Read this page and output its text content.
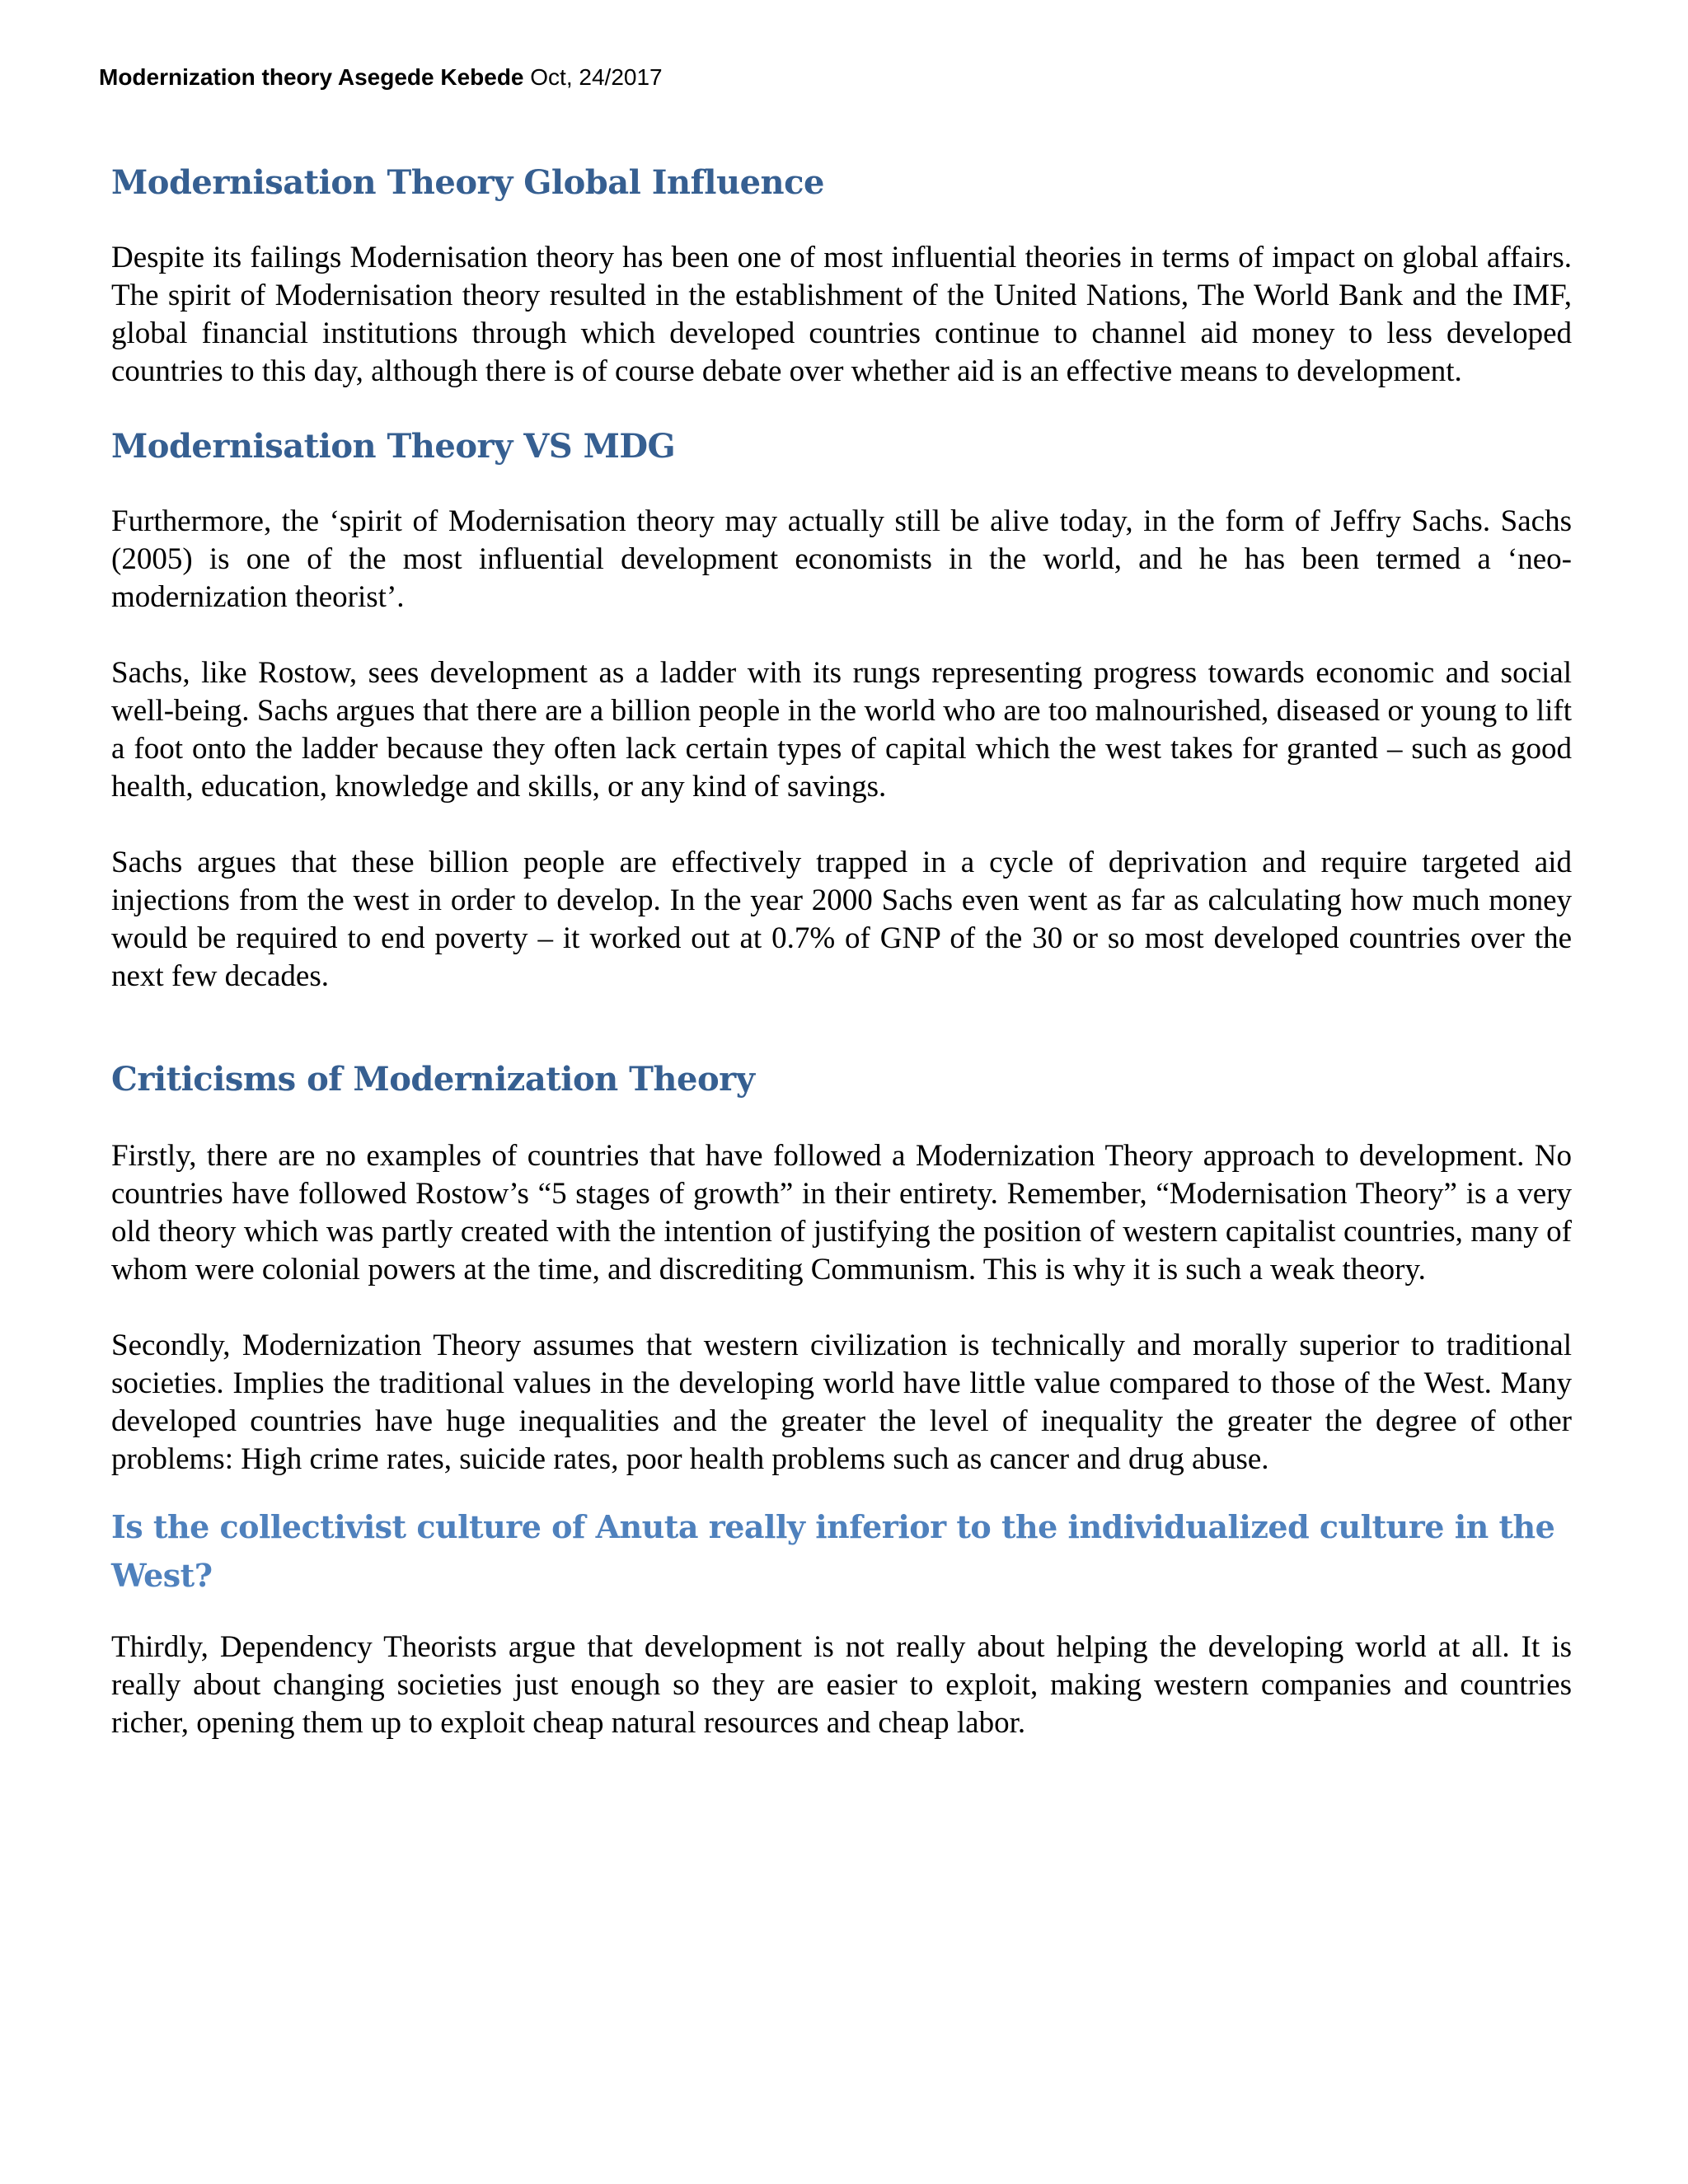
Modernization theory Asegede Kebede Oct, 24/2017
Modernisation Theory Global Influence

Despite its failings Modernisation theory has been one of most influential theories in terms of impact on global affairs. The spirit of Modernisation theory resulted in the establishment of the United Nations, The World Bank and the IMF, global financial institutions through which developed countries continue to channel aid money to less developed countries to this day, although there is of course debate over whether aid is an effective means to development.

Modernisation Theory VS MDG

Furthermore, the ‘spirit of Modernisation theory may actually still be alive today, in the form of Jeffry Sachs. Sachs (2005) is one of the most influential development economists in the world, and he has been termed a ‘neo-modernization theorist’.

Sachs, like Rostow, sees development as a ladder with its rungs representing progress towards economic and social well-being. Sachs argues that there are a billion people in the world who are too malnourished, diseased or young to lift a foot onto the ladder because they often lack certain types of capital which the west takes for granted – such as good health, education, knowledge and skills, or any kind of savings.

Sachs argues that these billion people are effectively trapped in a cycle of deprivation and require targeted aid injections from the west in order to develop. In the year 2000 Sachs even went as far as calculating how much money would be required to end poverty – it worked out at 0.7% of GNP of the 30 or so most developed countries over the next few decades.

Criticisms of Modernization Theory

Firstly, there are no examples of countries that have followed a Modernization Theory approach to development. No countries have followed Rostow’s “5 stages of growth” in their entirety. Remember, “Modernisation Theory” is a very old theory which was partly created with the intention of justifying the position of western capitalist countries, many of whom were colonial powers at the time, and discrediting Communism. This is why it is such a weak theory.

Secondly, Modernization Theory assumes that western civilization is technically and morally superior to traditional societies. Implies the traditional values in the developing world have little value compared to those of the West. Many developed countries have huge inequalities and the greater the level of inequality the greater the degree of other problems: High crime rates, suicide rates, poor health problems such as cancer and drug abuse.

Is the collectivist culture of Anuta really inferior to the individualized culture in the West?

Thirdly, Dependency Theorists argue that development is not really about helping the developing world at all. It is really about changing societies just enough so they are easier to exploit, making western companies and countries richer, opening them up to exploit cheap natural resources and cheap labor.
